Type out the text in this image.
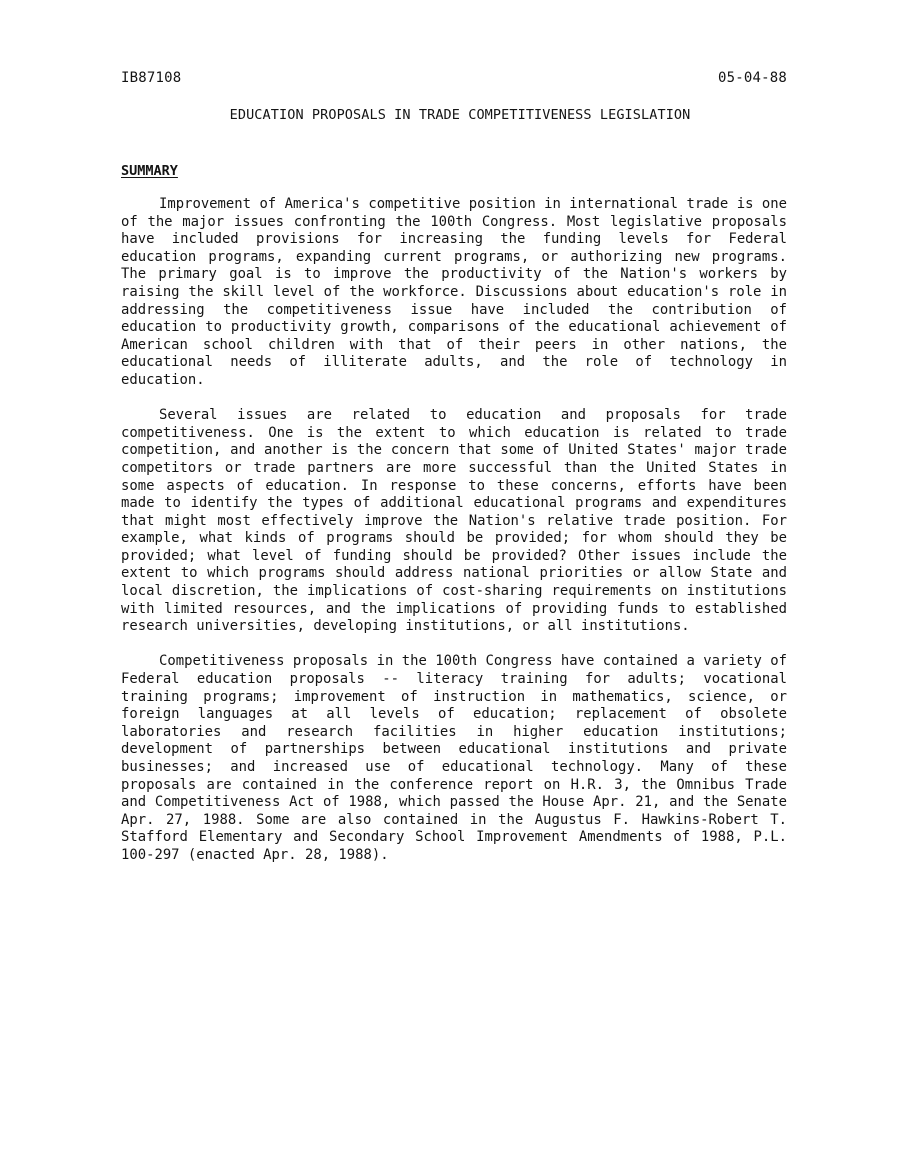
IB87108	05-04-88
EDUCATION PROPOSALS IN TRADE COMPETITIVENESS LEGISLATION
SUMMARY

Improvement of America's competitive position in international trade is one of the major issues confronting the 100th Congress. Most legislative proposals have included provisions for increasing the funding levels for Federal education programs, expanding current programs, or authorizing new programs. The primary goal is to improve the productivity of the Nation's workers by raising the skill level of the workforce. Discussions about education's role in addressing the competitiveness issue have included the contribution of education to productivity growth, comparisons of the educational achievement of American school children with that of their peers in other nations, the educational needs of illiterate adults, and the role of technology in education.

Several issues are related to education and proposals for trade competitiveness. One is the extent to which education is related to trade competition, and another is the concern that some of United States' major trade competitors or trade partners are more successful than the United States in some aspects of education. In response to these concerns, efforts have been made to identify the types of additional educational programs and expenditures that might most effectively improve the Nation's relative trade position. For example, what kinds of programs should be provided; for whom should they be provided; what level of funding should be provided? Other issues include the extent to which programs should address national priorities or allow State and local discretion, the implications of cost-sharing requirements on institutions with limited resources, and the implications of providing funds to established research universities, developing institutions, or all institutions.

Competitiveness proposals in the 100th Congress have contained a variety of Federal education proposals -- literacy training for adults; vocational training programs; improvement of instruction in mathematics, science, or foreign languages at all levels of education; replacement of obsolete laboratories and research facilities in higher education institutions; development of partnerships between educational institutions and private businesses; and increased use of educational technology. Many of these proposals are contained in the conference report on H.R. 3, the Omnibus Trade and Competitiveness Act of 1988, which passed the House Apr. 21, and the Senate Apr. 27, 1988. Some are also contained in the Augustus F. Hawkins-Robert T. Stafford Elementary and Secondary School Improvement Amendments of 1988, P.L. 100-297 (enacted Apr. 28, 1988).
